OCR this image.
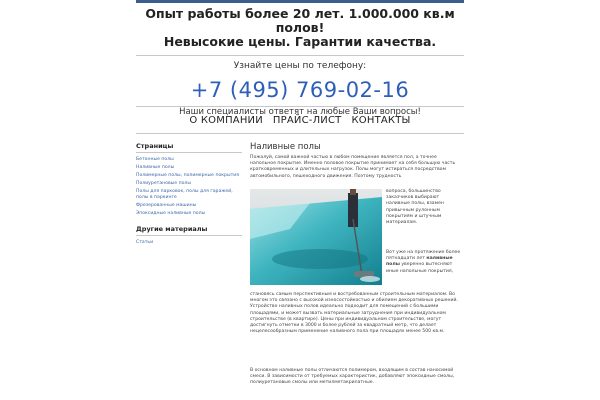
Опыт работы более 20 лет. 1.000.000 кв.м полов!
Невысокие цены. Гарантии качества.
Узнайте цены по телефону:
+7 (495) 769-02-16
Наши специалисты ответят на любые Ваши вопросы!
О КОМПАНИИ ПРАЙС-ЛИСТ КОНТАКТЫ
Страницы
Бетонные полы
Наливные полы
Полимерные полы, полимерные покрытия
Полиуретановые полы
Полы для парковок, полы для гаражей, полы в паркинге
Фрезерованные машины
Эпоксидные наливные полы
Другие материалы
Статьи
Наливные полы
Пожалуй, самой важной частью в любом помещение является пол, а точнее напольное покрытие. Именно половое покрытие принимает на себя большую часть кратковременных и длительных нагрузок. Полы могут истираться посредством автомобильного, пешеходного движения. Поэтому трудность
вопроса, большинство заказчиков выбирают наливные полы, взамен привычным рулонным покрытиям и штучным материалам.
Вот уже на протяжение более пятнадцати лет наливные полы уверенно вытесняют иные напольные покрытия,
становясь самым перспективным и востребованным строительным материалом. Во многом это связано с высокой износостойкостью и обилием декоративных решений. Устройство наливных полов идеально подходит для помещений с большими площадями, и может вызвать материальные затруднения при индивидуальном строительстве (в квартире). Цены при индивидуальном строительстве, могут достигнуть отметки в 3000 и более рублей за квадратный метр, что делает нецелесообразным применение наливного пола при площадях менее 500 кв.м.
В основном наливные полы отличаются полимером, входящим в состав наносимой смеси. В зависимости от требуемых характеристик, добавляют эпоксидные смолы, полиуретановые смолы или метилметакрилатные.
